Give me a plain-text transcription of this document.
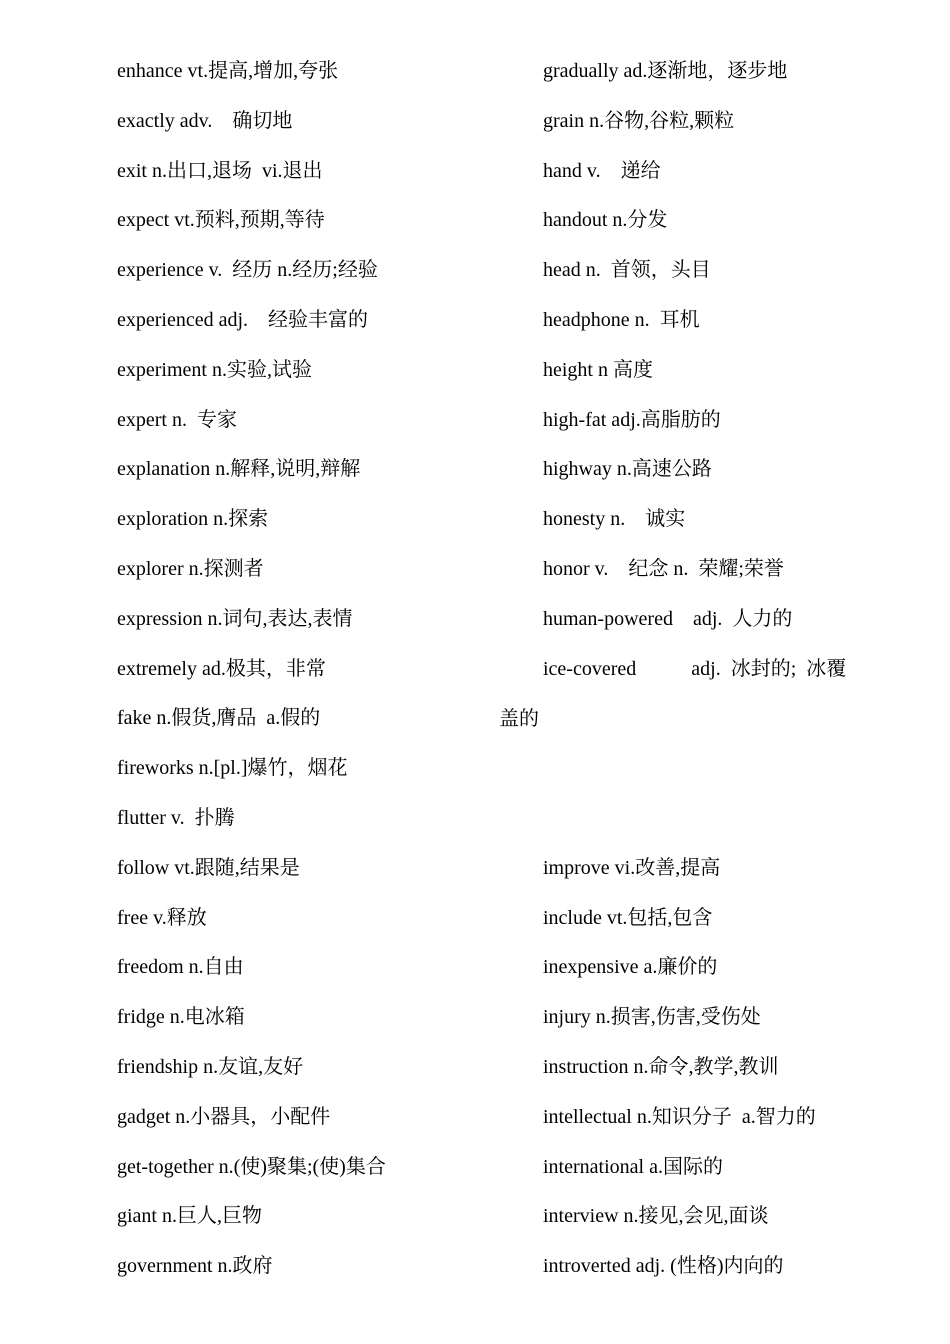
enhance vt.提高,增加,夸张
exactly adv.    确切地
exit n.出口,退场  vi.退出
expect vt.预料,预期,等待
experience v.  经历 n.经历;经验
experienced adj.    经验丰富的
experiment n.实验,试验
expert n.  专家
explanation n.解释,说明,辩解
exploration n.探索
explorer n.探测者
expression n.词句,表达,表情
extremely ad.极其，非常
fake n.假货,膺品  a.假的
fireworks n.[pl.]爆竹，烟花
flutter v.  扑腾
follow vt.跟随,结果是
free v.释放
freedom n.自由
fridge n.电冰箱
friendship n.友谊,友好
gadget n.小器具，小配件
get-together n.(使)聚集;(使)集合
giant n.巨人,巨物
government n.政府
gradually ad.逐渐地，逐步地
grain n.谷物,谷粒,颗粒
hand v.    递给
handout n.分发
head n.  首领，头目
headphone n.  耳机
height n 高度
high-fat adj.高脂肪的
highway n.高速公路
honesty n.    诚实
honor v.    纪念 n.  荣耀;荣誉
human-powered    adj.  人力的
ice-covered           adj.  冰封的;  冰覆
improve vi.改善,提高
include vt.包括,包含
inexpensive a.廉价的
injury n.损害,伤害,受伤处
instruction n.命令,教学,教训
intellectual n.知识分子  a.智力的
international a.国际的
interview n.接见,会见,面谈
introverted adj. (性格)内向的
盖的
